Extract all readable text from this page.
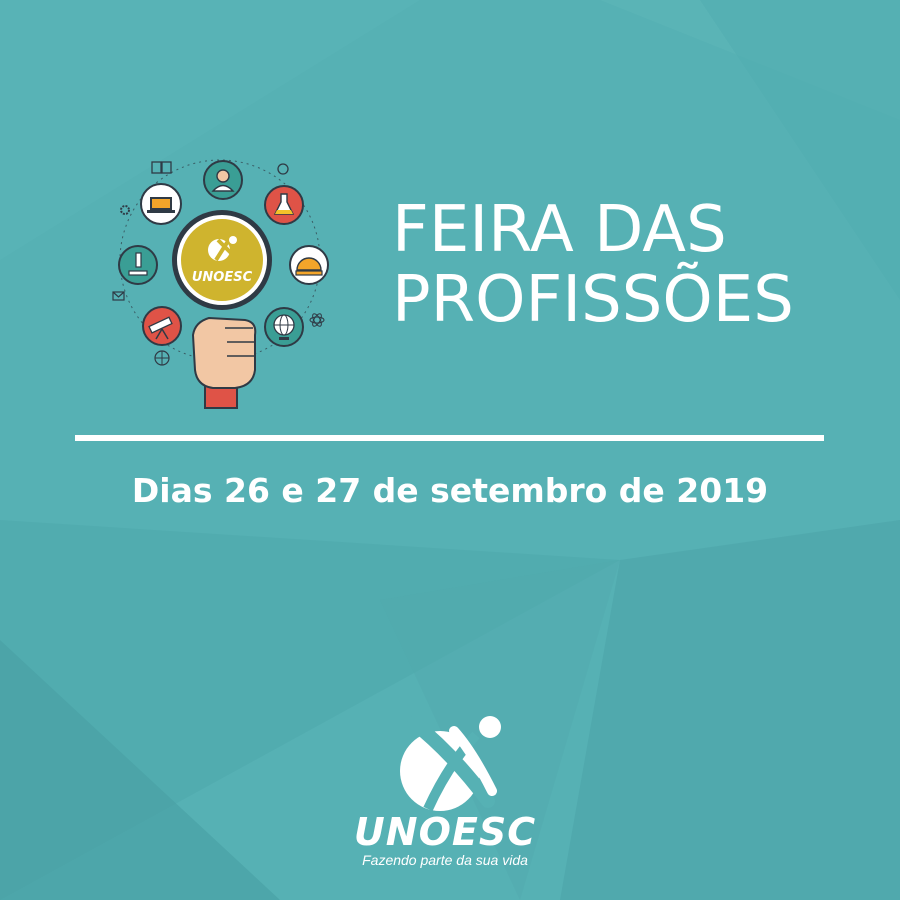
UNOESC
FEIRA DAS
PROFISSÕES
Dias 26 e 27 de setembro de 2019
UNOESC
Fazendo parte da sua vida
